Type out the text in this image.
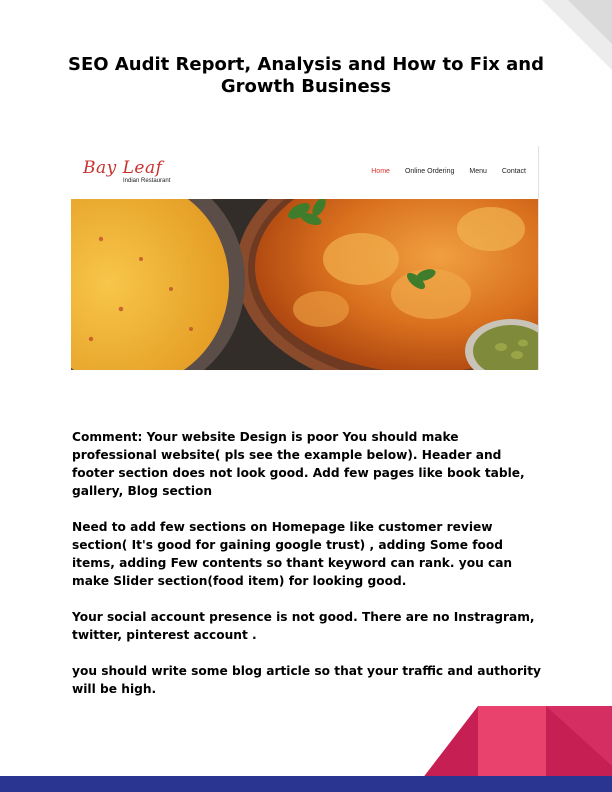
SEO Audit Report, Analysis and How to Fix and Growth Business
Bay Leaf
Indian Restaurant
Home Online Ordering Menu Contact

Comment: Your website Design is poor You should make professional website( pls see the example below). Header and footer section does not look good. Add few pages like book table, gallery, Blog section

Need to add few sections on Homepage like customer review section( It's good for gaining google trust) , adding Some food items, adding Few contents so thant keyword can rank. you can make Slider section(food item) for looking good.

Your social account presence is not good. There are no Instragram, twitter, pinterest account .

you should write some blog article so that your traffic and authority will be high.
